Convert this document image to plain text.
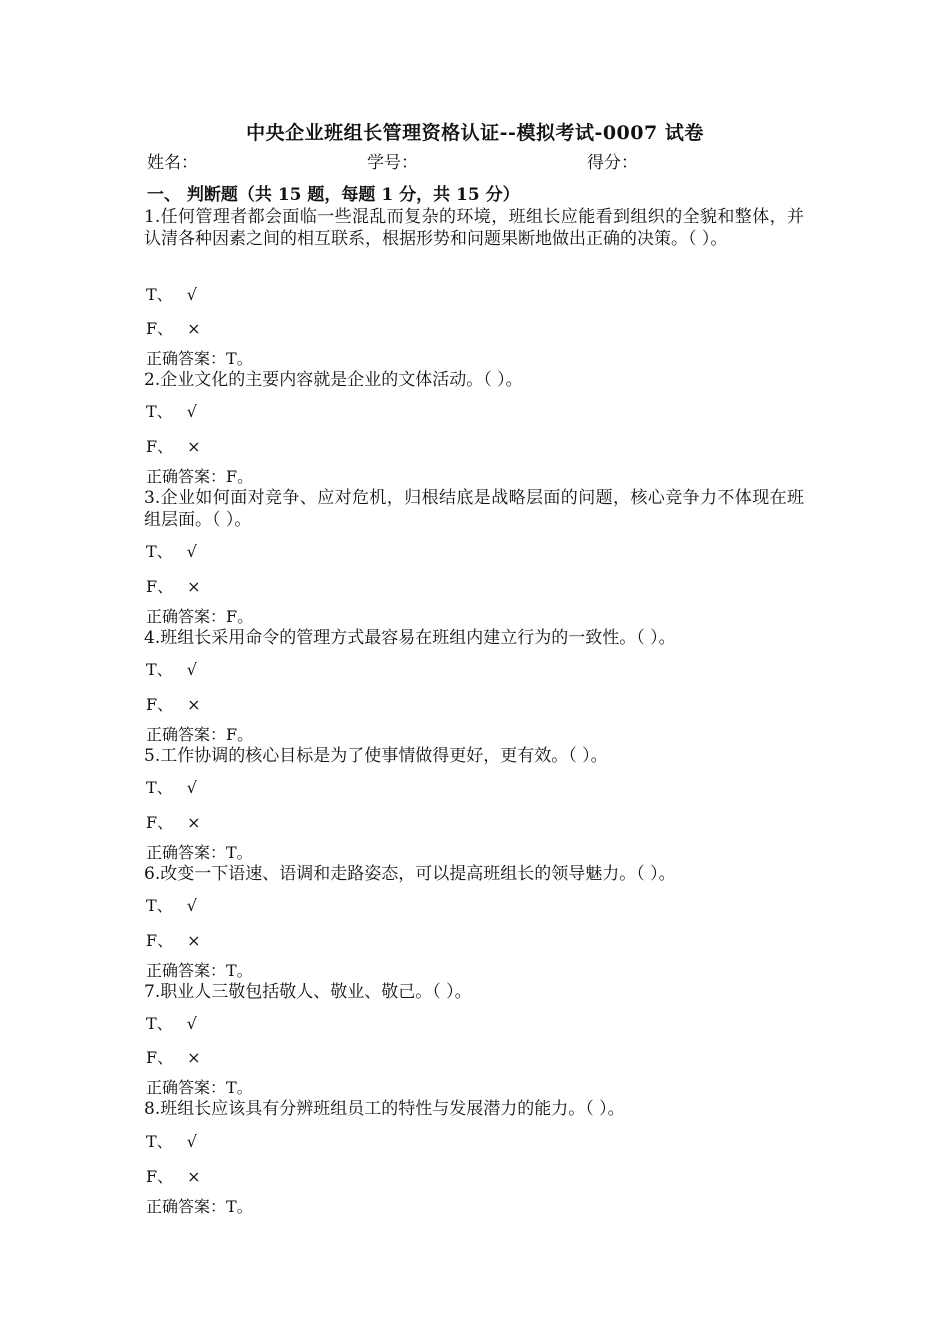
中央企业班组长管理资格认证--模拟考试-0007 试卷
姓名：	学号：	得分：
一、 判断题（共 15 题，每题 1 分，共 15 分）
1.任何管理者都会面临一些混乱而复杂的环境，班组长应能看到组织的全貌和整体，并认清各种因素之间的相互联系，根据形势和问题果断地做出正确的决策。（ ）。
T、 √
F、 ×
正确答案：T。
2.企业文化的主要内容就是企业的文体活动。（ ）。
T、 √
F、 ×
正确答案：F。
3.企业如何面对竞争、应对危机，归根结底是战略层面的问题，核心竞争力不体现在班组层面。（ ）。
T、 √
F、 ×
正确答案：F。
4.班组长采用命令的管理方式最容易在班组内建立行为的一致性。（ ）。
T、 √
F、 ×
正确答案：F。
5.工作协调的核心目标是为了使事情做得更好，更有效。（ ）。
T、 √
F、 ×
正确答案：T。
6.改变一下语速、语调和走路姿态，可以提高班组长的领导魅力。（ ）。
T、 √
F、 ×
正确答案：T。
7.职业人三敬包括敬人、敬业、敬己。（ ）。
T、 √
F、 ×
正确答案：T。
8.班组长应该具有分辨班组员工的特性与发展潜力的能力。（ ）。
T、 √
F、 ×
正确答案：T。
